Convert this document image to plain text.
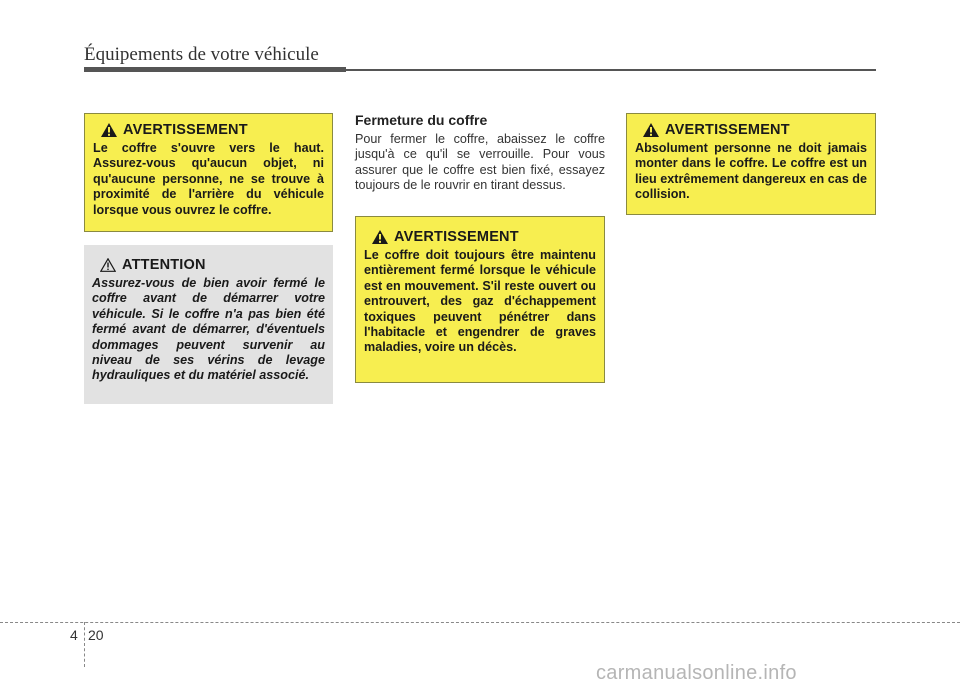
Équipements de votre véhicule
AVERTISSEMENT
Le coffre s'ouvre vers le haut. Assurez-vous qu'aucun objet, ni qu'aucune personne, ne se trouve à proximité de l'arrière du véhicule lorsque vous ouvrez le coffre.
ATTENTION
Assurez-vous de bien avoir fermé le coffre avant de démarrer votre véhicule. Si le coffre n'a pas bien été fermé avant de démarrer, d'éventuels dommages peuvent survenir au niveau de ses vérins de levage hydrauliques et du matériel associé.
Fermeture du coffre
Pour fermer le coffre, abaissez le coffre jusqu'à ce qu'il se verrouille. Pour vous assurer que le coffre est bien fixé, essayez toujours de le rouvrir en tirant dessus.
AVERTISSEMENT
Le coffre doit toujours être maintenu entièrement fermé lorsque le véhicule est en mouvement. S'il reste ouvert ou entrouvert, des gaz d'échappement toxiques peuvent pénétrer dans l'habitacle et engendrer de graves maladies, voire un décès.
AVERTISSEMENT
Absolument personne ne doit jamais monter dans le coffre. Le coffre est un lieu extrêmement dangereux en cas de collision.
4 20
carmanualsonline.info
